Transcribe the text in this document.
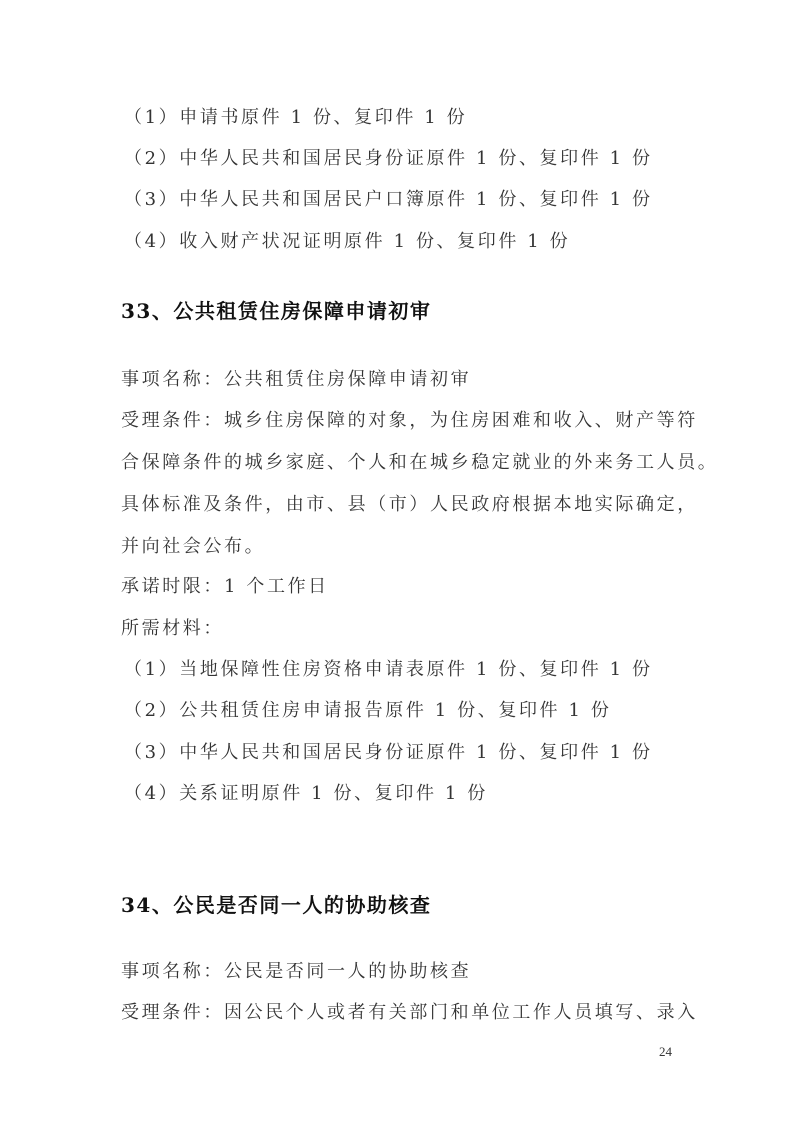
（1）申请书原件 1 份、复印件 1 份
（2）中华人民共和国居民身份证原件 1 份、复印件 1 份
（3）中华人民共和国居民户口簿原件 1 份、复印件 1 份
（4）收入财产状况证明原件 1 份、复印件 1 份
33、公共租赁住房保障申请初审
事项名称：公共租赁住房保障申请初审
受理条件：城乡住房保障的对象，为住房困难和收入、财产等符
合保障条件的城乡家庭、个人和在城乡稳定就业的外来务工人员。
具体标准及条件，由市、县（市）人民政府根据本地实际确定，
并向社会公布。
承诺时限：1 个工作日
所需材料：
（1）当地保障性住房资格申请表原件 1 份、复印件 1 份
（2）公共租赁住房申请报告原件 1 份、复印件 1 份
（3）中华人民共和国居民身份证原件 1 份、复印件 1 份
（4）关系证明原件 1 份、复印件 1 份
34、公民是否同一人的协助核查
事项名称：公民是否同一人的协助核查
受理条件：因公民个人或者有关部门和单位工作人员填写、录入
24
